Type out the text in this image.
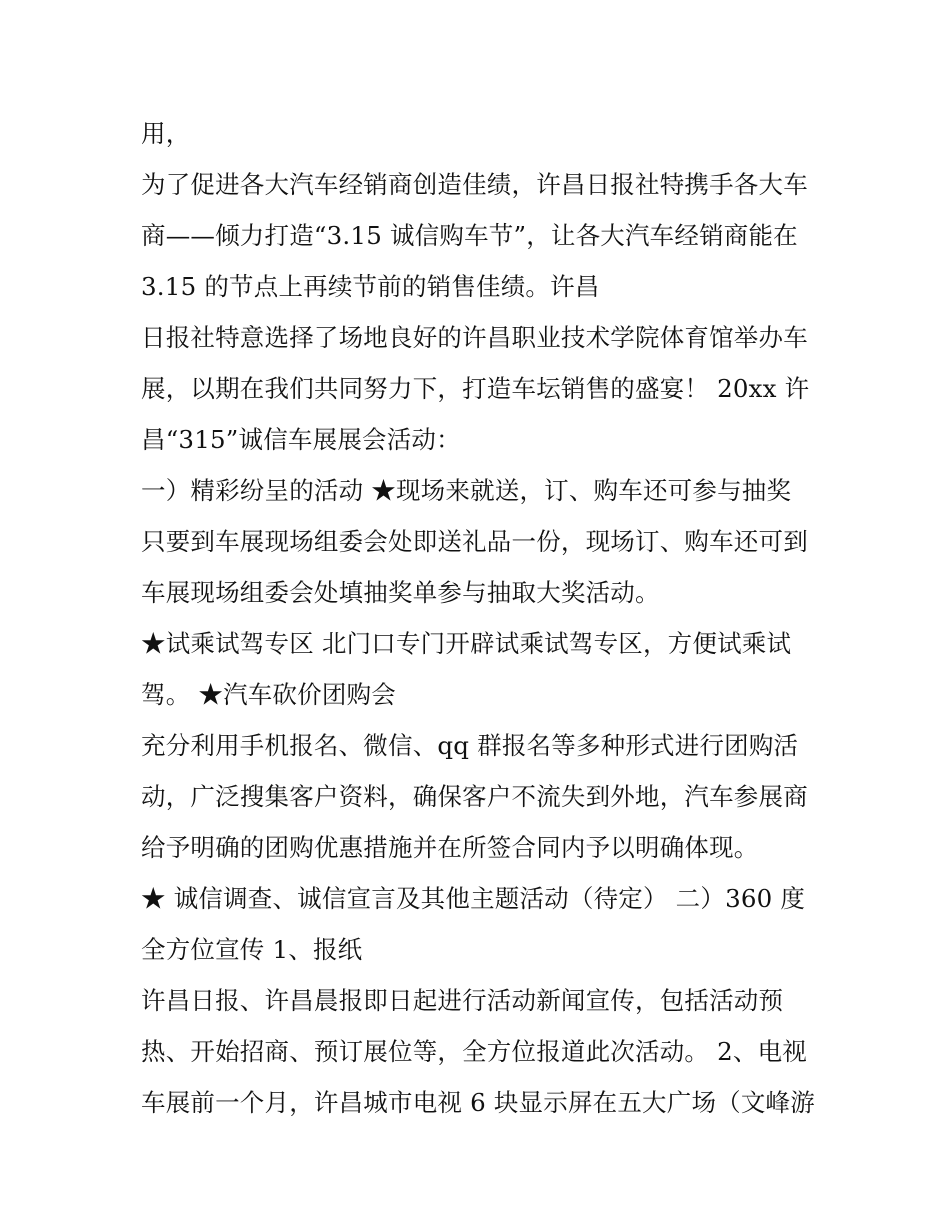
用，
为了促进各大汽车经销商创造佳绩，许昌日报社特携手各大车
商——倾力打造“3.15 诚信购车节”，让各大汽车经销商能在
3.15 的节点上再续节前的销售佳绩。许昌
日报社特意选择了场地良好的许昌职业技术学院体育馆举办车
展，以期在我们共同努力下，打造车坛销售的盛宴！ 20xx 许
昌“315”诚信车展展会活动：
一）精彩纷呈的活动 ★现场来就送，订、购车还可参与抽奖
只要到车展现场组委会处即送礼品一份，现场订、购车还可到
车展现场组委会处填抽奖单参与抽取大奖活动。
★试乘试驾专区 北门口专门开辟试乘试驾专区，方便试乘试
驾。 ★汽车砍价团购会
充分利用手机报名、微信、qq 群报名等多种形式进行团购活
动，广泛搜集客户资料，确保客户不流失到外地，汽车参展商
给予明确的团购优惠措施并在所签合同内予以明确体现。
★ 诚信调查、诚信宣言及其他主题活动（待定） 二）360 度
全方位宣传 1、报纸
许昌日报、许昌晨报即日起进行活动新闻宣传，包括活动预
热、开始招商、预订展位等，全方位报道此次活动。 2、电视
车展前一个月，许昌城市电视 6 块显示屏在五大广场（文峰游
